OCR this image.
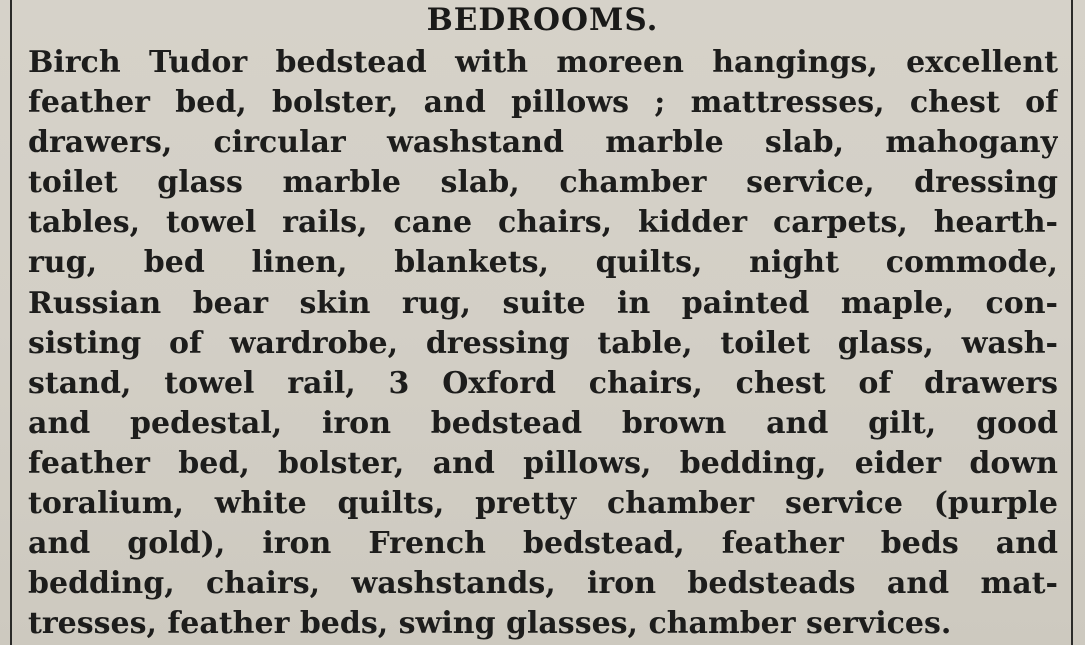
BEDROOMS.
Birch Tudor bedstead with moreen hangings, excellent
feather bed, bolster, and pillows ; mattresses, chest of
drawers, circular washstand marble slab, mahogany
toilet glass marble slab, chamber service, dressing
tables, towel rails, cane chairs, kidder carpets, hearth-
rug, bed linen, blankets, quilts, night commode,
Russian bear skin rug, suite in painted maple, con-
sisting of wardrobe, dressing table, toilet glass, wash-
stand, towel rail, 3 Oxford chairs, chest of drawers
and pedestal, iron bedstead brown and gilt, good
feather bed, bolster, and pillows, bedding, eider down
toralium, white quilts, pretty chamber service (purple
and gold), iron French bedstead, feather beds and
bedding, chairs, washstands, iron bedsteads and mat-
tresses, feather beds, swing glasses, chamber services.
